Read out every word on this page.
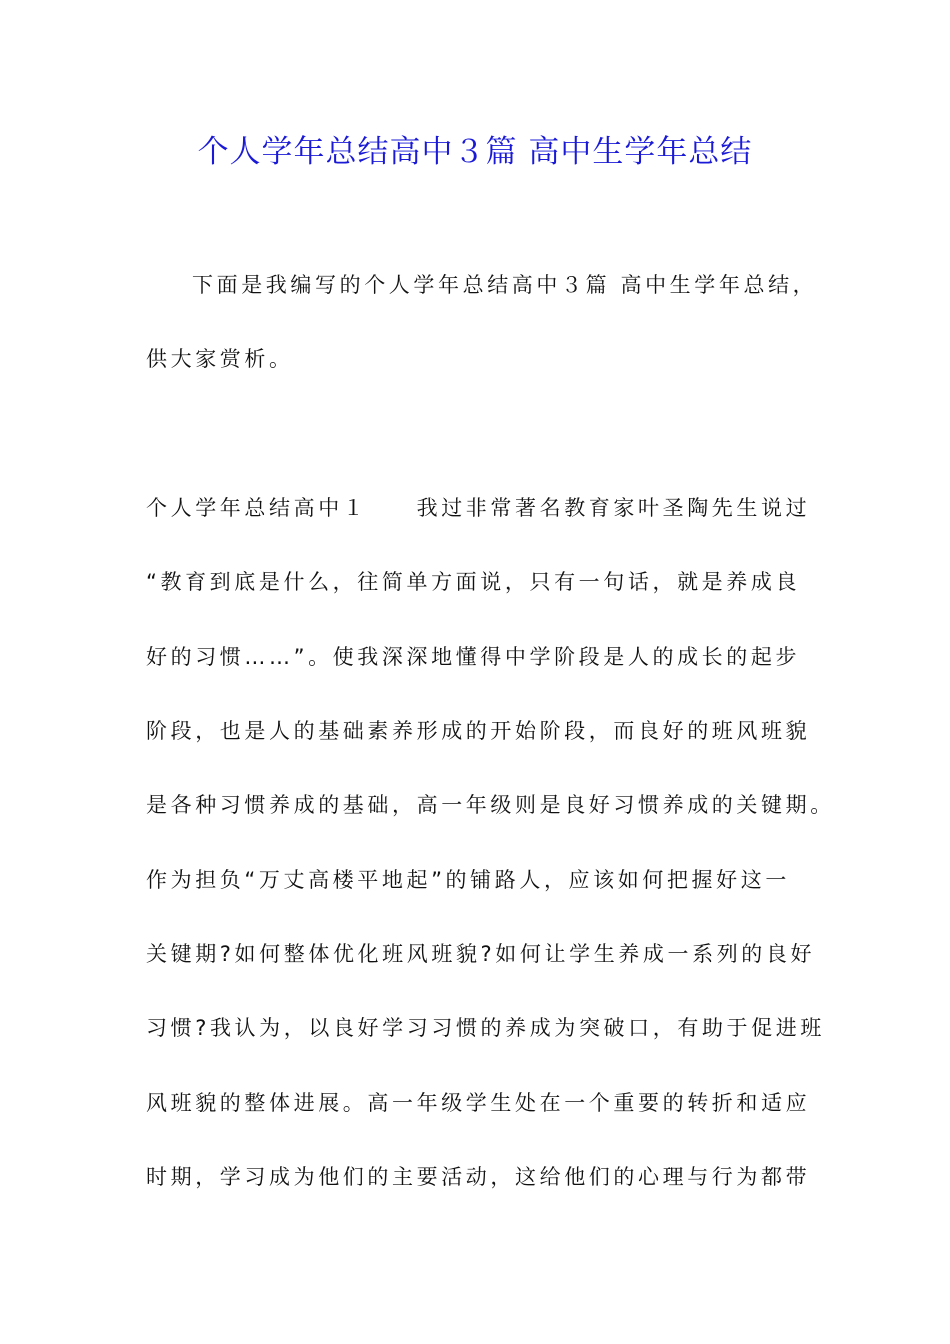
个人学年总结高中３篇 高中生学年总结
下面是我编写的个人学年总结高中３篇 高中生学年总结，
供大家赏析。
个人学年总结高中１　　我过非常著名教育家叶圣陶先生说过
“教育到底是什么，往简单方面说，只有一句话，就是养成良
好的习惯……”。使我深深地懂得中学阶段是人的成长的起步
阶段，也是人的基础素养形成的开始阶段，而良好的班风班貌
是各种习惯养成的基础，高一年级则是良好习惯养成的关键期。
作为担负“万丈高楼平地起”的铺路人，应该如何把握好这一
关键期?如何整体优化班风班貌?如何让学生养成一系列的良好
习惯?我认为，以良好学习习惯的养成为突破口，有助于促进班
风班貌的整体进展。高一年级学生处在一个重要的转折和适应
时期，学习成为他们的主要活动，这给他们的心理与行为都带
